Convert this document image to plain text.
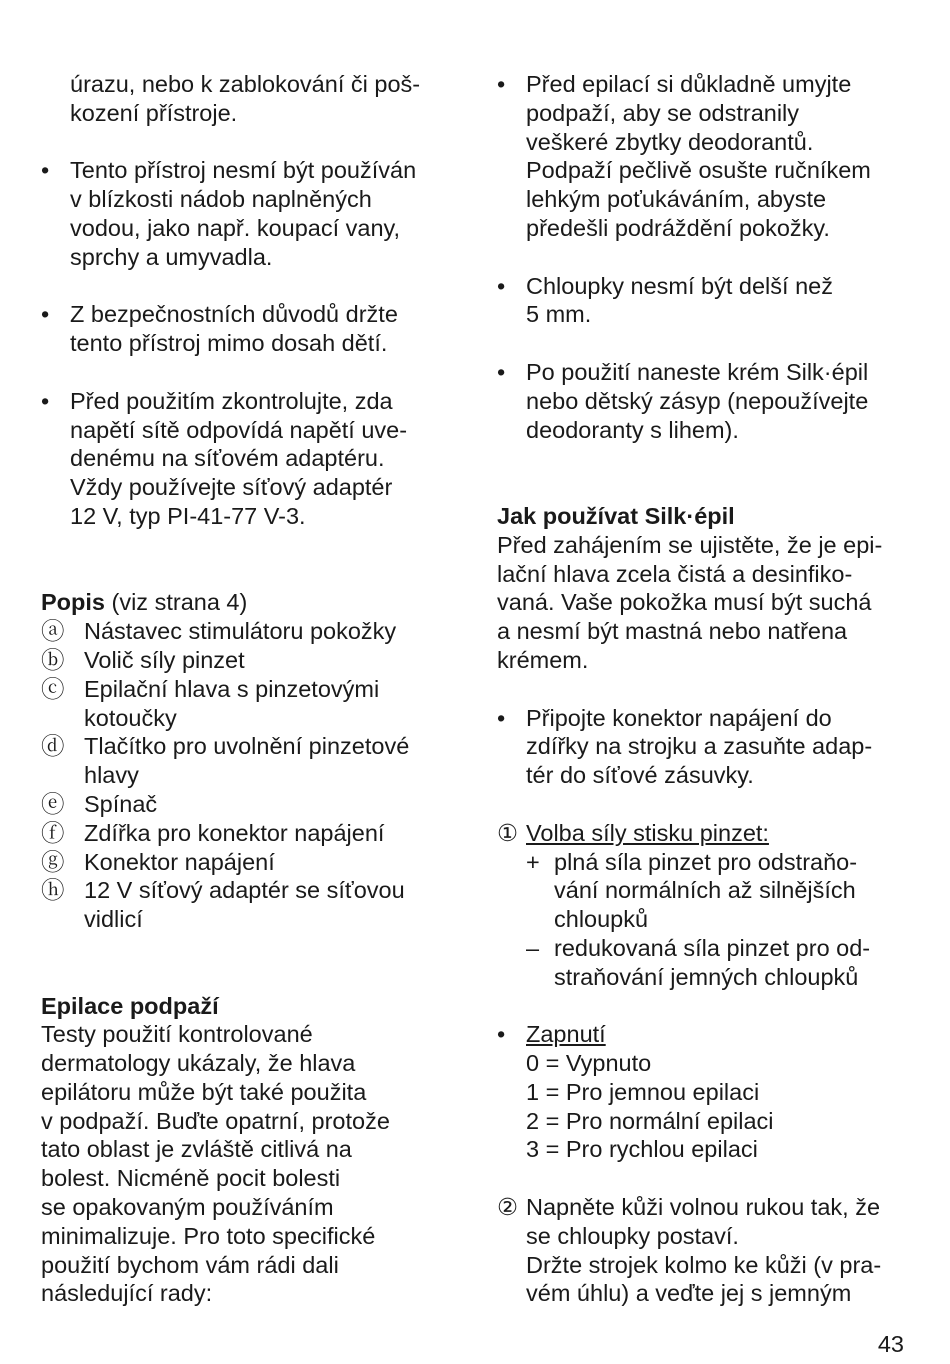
úrazu, nebo k zablokování či poš-
kození přístroje.

• Tento přístroj nesmí být používán
v blízkosti nádob naplněných
vodou, jako např. koupací vany,
sprchy a umyvadla.

• Z bezpečnostních důvodů držte
tento přístroj mimo dosah dětí.

• Před použitím zkontrolujte, zda
napětí sítě odpovídá napětí uve-
denému na síťovém adaptéru.
Vždy používejte síťový adaptér
12 V, typ PI-41-77 V-3.

Popis (viz strana 4)

ⓐ Nástavec stimulátoru pokožky

ⓑ Volič síly pinzet

ⓒ Epilační hlava s pinzetovými
kotoučky

ⓓ Tlačítko pro uvolnění pinzetové
hlavy

ⓔ Spínač

ⓕ Zdířka pro konektor napájení

ⓖ Konektor napájení

ⓗ 12 V síťový adaptér se síťovou
vidlicí

Epilace podpaží

Testy použití kontrolované
dermatology ukázaly, že hlava
epilátoru může být také použita
v podpaží. Buďte opatrní, protože
tato oblast je zvláště citlivá na
bolest. Nicméně pocit bolesti
se opakovaným používáním
minimalizuje. Pro toto specifické
použití bychom vám rádi dali
následující rady:

• Před epilací si důkladně umyjte
podpaží, aby se odstranily
veškeré zbytky deodorantů.
Podpaží pečlivě osušte ručníkem
lehkým poťukáváním, abyste
předešli podráždění pokožky.

• Chloupky nesmí být delší než
5 mm.

• Po použití naneste krém Silk·épil
nebo dětský zásyp (nepoužívejte
deodoranty s lihem).

Jak používat Silk·épil

Před zahájením se ujistěte, že je epi-
lační hlava zcela čistá a desinfiko-
vaná. Vaše pokožka musí být suchá
a nesmí být mastná nebo natřena
krémem.

• Připojte konektor napájení do
zdířky na strojku a zasuňte adap-
tér do síťové zásuvky.

① Volba síly stisku pinzet:

+ plná síla pinzet pro odstraňo-
vání normálních až silnějších
chloupků

– redukovaná síla pinzet pro od-
straňování jemných chloupků

• Zapnutí
0 = Vypnuto
1 = Pro jemnou epilaci
2 = Pro normální epilaci
3 = Pro rychlou epilaci

② Napněte kůži volnou rukou tak, že
se chloupky postaví.
Držte strojek kolmo ke kůži (v pra-
vém úhlu) a veďte jej s jemným

43
